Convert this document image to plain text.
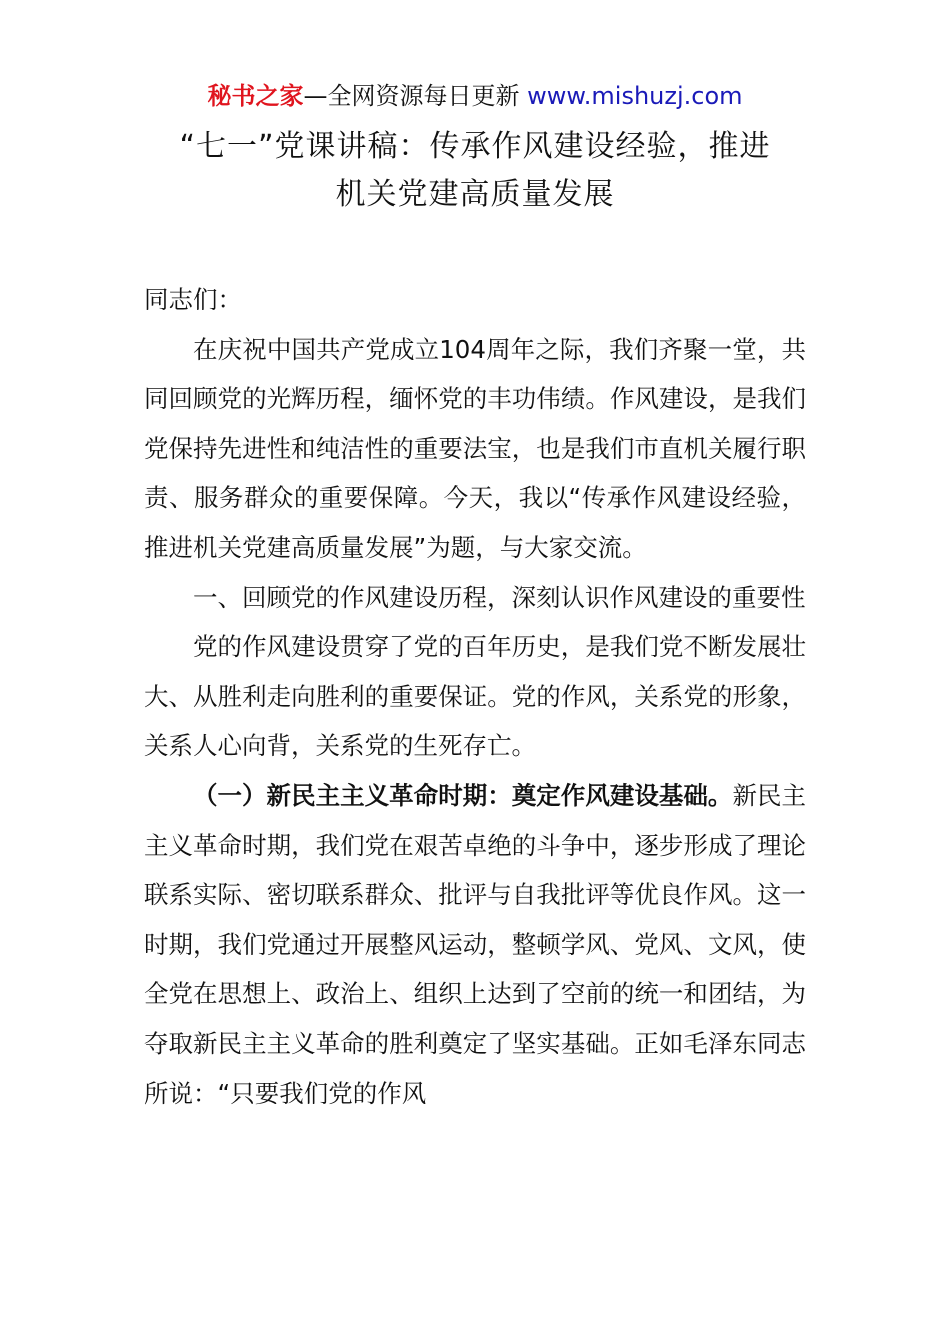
秘书之家—全网资源每日更新 www.mishuzj.com
“七一”党课讲稿：传承作风建设经验，推进
机关党建高质量发展

同志们：

在庆祝中国共产党成立104周年之际，我们齐聚一堂，共同回顾党的光辉历程，缅怀党的丰功伟绩。作风建设，是我们党保持先进性和纯洁性的重要法宝，也是我们市直机关履行职责、服务群众的重要保障。今天，我以“传承作风建设经验，推进机关党建高质量发展”为题，与大家交流。

一、回顾党的作风建设历程，深刻认识作风建设的重要性

党的作风建设贯穿了党的百年历史，是我们党不断发展壮大、从胜利走向胜利的重要保证。党的作风，关系党的形象，关系人心向背，关系党的生死存亡。

（一）新民主主义革命时期：奠定作风建设基础。新民主主义革命时期，我们党在艰苦卓绝的斗争中，逐步形成了理论联系实际、密切联系群众、批评与自我批评等优良作风。这一时期，我们党通过开展整风运动，整顿学风、党风、文风，使全党在思想上、政治上、组织上达到了空前的统一和团结，为夺取新民主主义革命的胜利奠定了坚实基础。正如毛泽东同志所说：“只要我们党的作风
